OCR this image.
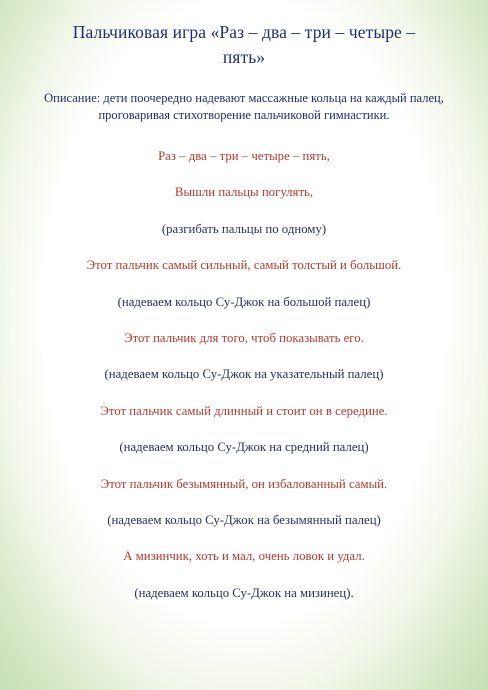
Пальчиковая игра «Раз – два – три – четыре –
пять»

Описание: дети поочередно надевают массажные кольца на каждый палец, проговаривая стихотворение пальчиковой гимнастики.

Раз – два – три – четыре – пять,
Вышли пальцы погулять,
(разгибать пальцы по одному)
Этот пальчик самый сильный, самый толстый и большой.
(надеваем кольцо Су-Джок на большой палец)
Этот пальчик для того, чтоб показывать его.
(надеваем кольцо Су-Джок на указательный палец)
Этот пальчик самый длинный и стоит он в середине.
(надеваем кольцо Су-Джок на средний палец)
Этот пальчик безымянный, он избалованный самый.
(надеваем кольцо Су-Джок на безымянный палец)
А мизинчик, хоть и мал, очень ловок и удал.
(надеваем кольцо Су-Джок на мизинец).
